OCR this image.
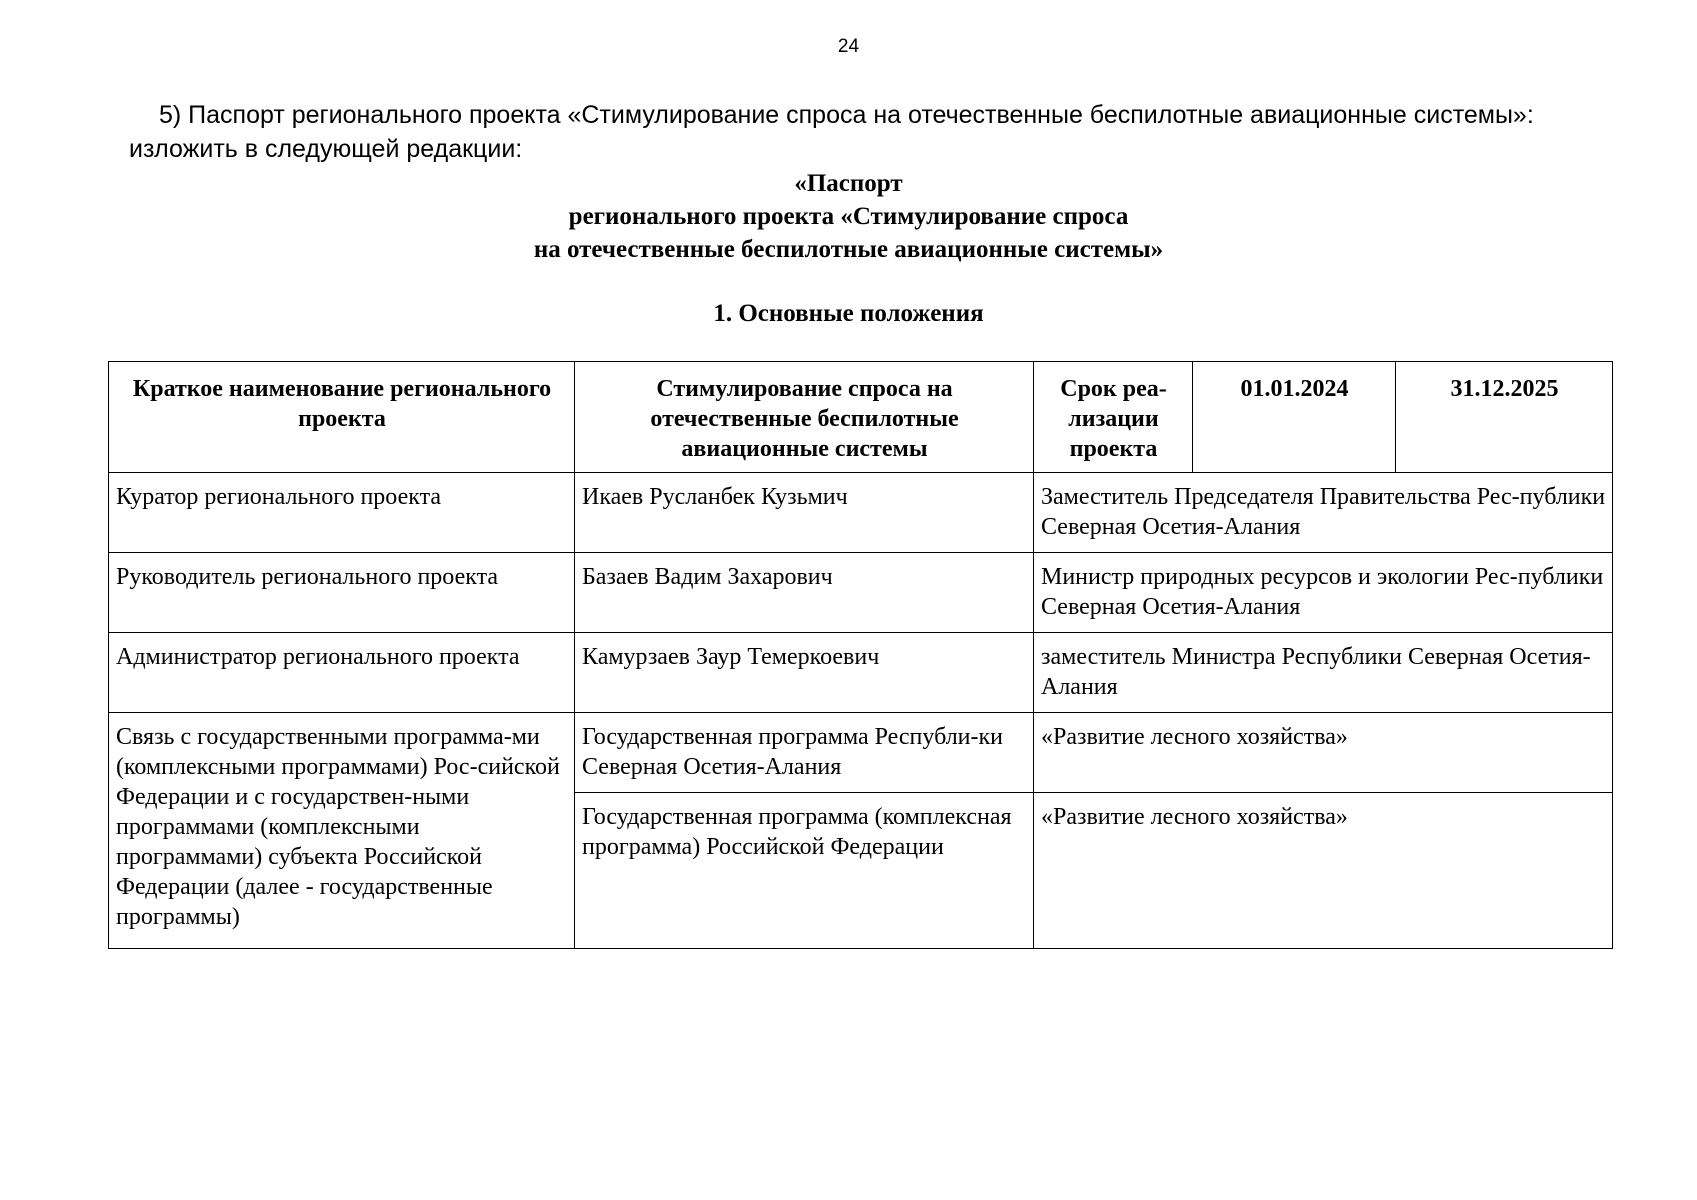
24
5) Паспорт регионального проекта «Стимулирование спроса на отечественные беспилотные авиационные системы»:
изложить в следующей редакции:
«Паспорт
регионального проекта «Стимулирование спроса
на отечественные беспилотные авиационные системы»
1. Основные положения
Краткое наименование регионального проекта	Стимулирование спроса на отечественные беспилотные авиационные системы	Срок реа-лизации проекта	01.01.2024	31.12.2025
Куратор регионального проекта	Икаев Русланбек Кузьмич	Заместитель Председателя Правительства Рес-публики Северная Осетия-Алания		
Руководитель регионального проекта	Базаев Вадим Захарович	Министр природных ресурсов и экологии Рес-публики Северная Осетия-Алания		
Администратор регионального проекта	Камурзаев Заур Темеркоевич	заместитель Министра Республики Северная Осетия-Алания		
Связь с государственными программа-ми (комплексными программами) Рос-сийской Федерации и с государствен-ными программами (комплексными программами) субъекта Российской Федерации (далее - государственные программы)	Государственная программа Республи-ки Северная Осетия-Алания	«Развитие лесного хозяйства»		
	Государственная программа (комплексная программа) Российской Федерации	«Развитие лесного хозяйства»		
